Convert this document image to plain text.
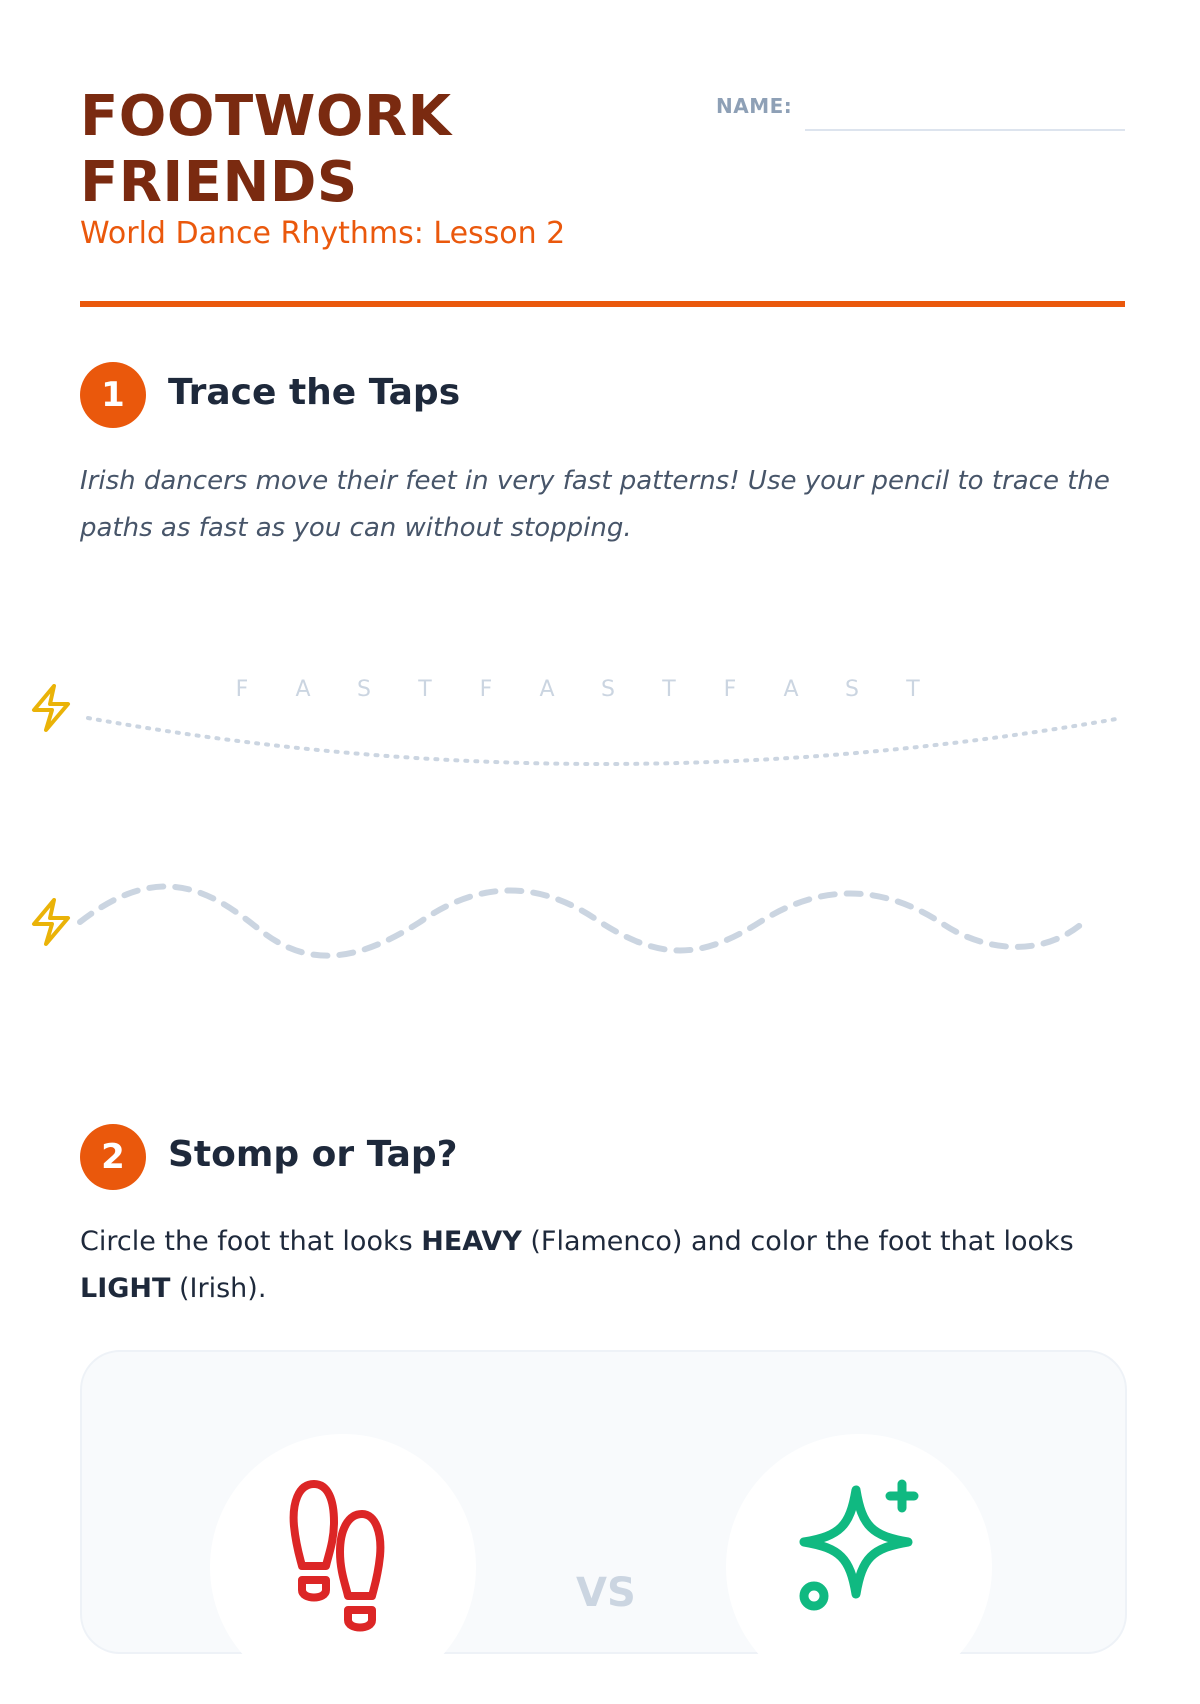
FOOTWORK
FRIENDS
World Dance Rhythms: Lesson 2
NAME:
1	Trace the Taps

Irish dancers move their feet in very fast patterns! Use your pencil to trace the paths as fast as you can without stopping.

F A S T F A S T F A S T
2	Stomp or Tap?

Circle the foot that looks HEAVY (Flamenco) and color the foot that looks LIGHT (Irish).

VS
